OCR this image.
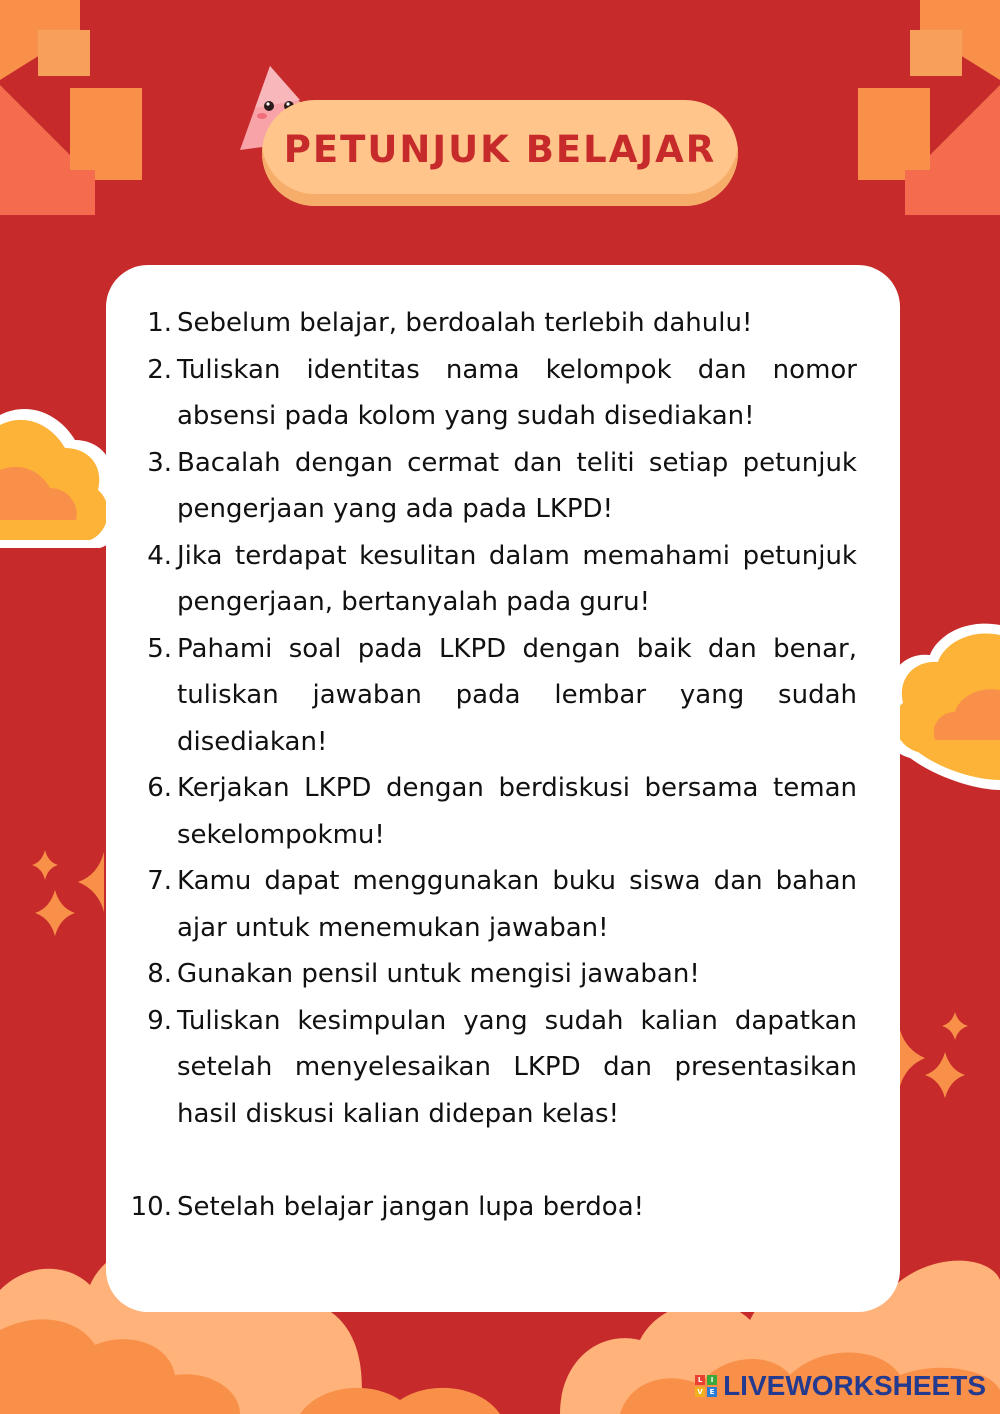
PETUNJUK BELAJAR
1. Sebelum belajar, berdoalah terlebih dahulu!
2. Tuliskan identitas nama kelompok dan nomor absensi pada kolom yang sudah disediakan!
3. Bacalah dengan cermat dan teliti setiap petunjuk pengerjaan yang ada pada LKPD!
4. Jika terdapat kesulitan dalam memahami petunjuk pengerjaan, bertanyalah pada guru!
5. Pahami soal pada LKPD dengan baik dan benar, tuliskan jawaban pada lembar yang sudah disediakan!
6. Kerjakan LKPD dengan berdiskusi bersama teman sekelompokmu!
7. Kamu dapat menggunakan buku siswa dan bahan ajar untuk menemukan jawaban!
8. Gunakan pensil untuk mengisi jawaban!
9. Tuliskan kesimpulan yang sudah kalian dapatkan setelah menyelesaikan LKPD dan presentasikan hasil diskusi kalian didepan kelas!
10. Setelah belajar jangan lupa berdoa!
L	I
V E LIVEWORKSHEETS
